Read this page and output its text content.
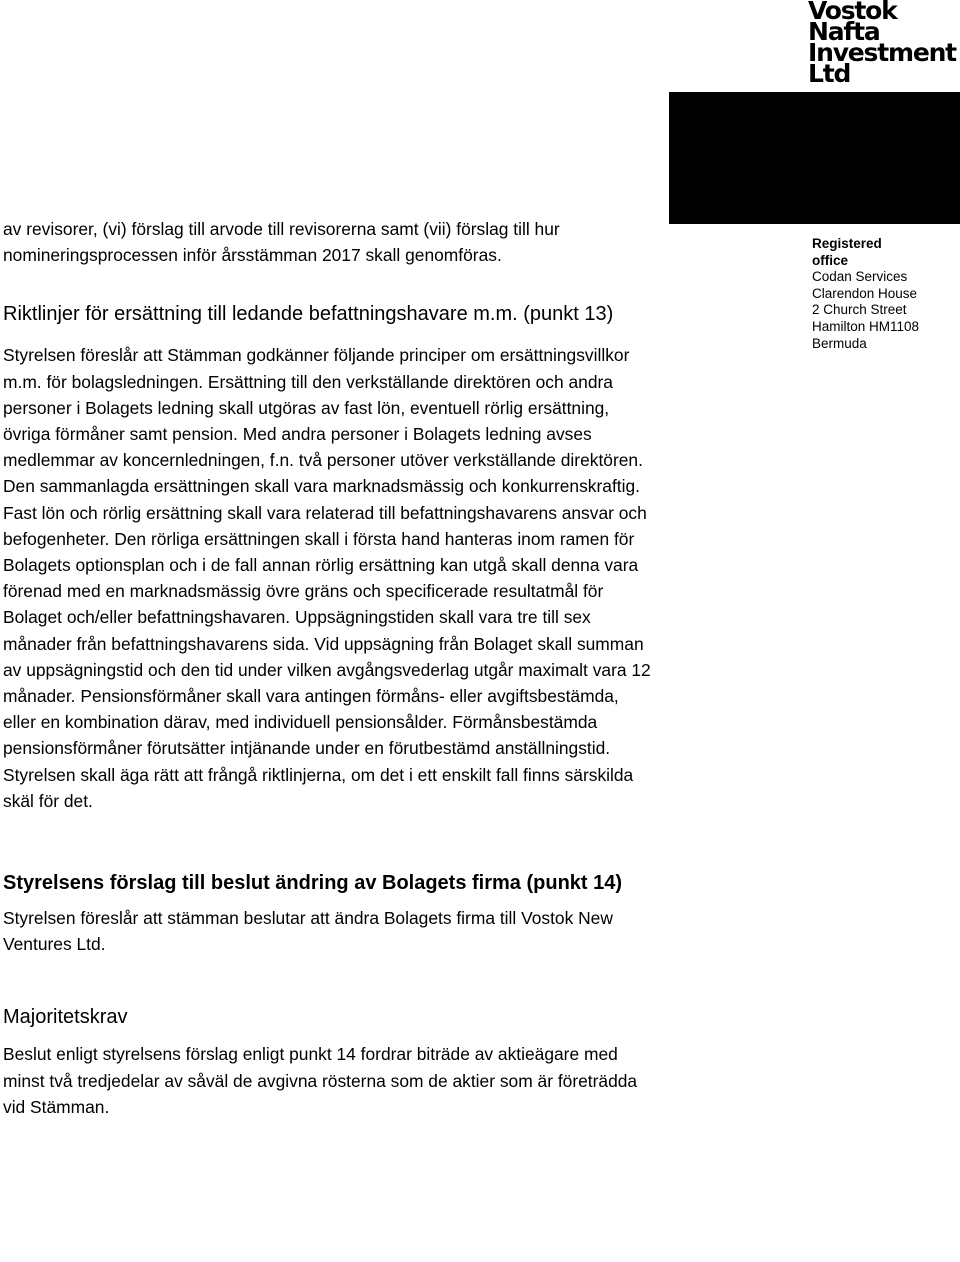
Vostok
Nafta
Investment
Ltd
Registered
office
Codan Services
Clarendon House
2 Church Street
Hamilton HM1108
Bermuda

av revisorer, (vi) förslag till arvode till revisorerna samt (vii) förslag till hur nomineringsprocessen inför årsstämman 2017 skall genomföras.

Riktlinjer för ersättning till ledande befattningshavare m.m. (punkt 13)

Styrelsen föreslår att Stämman godkänner följande principer om ersättningsvillkor m.m. för bolagsledningen. Ersättning till den verkställande direktören och andra personer i Bolagets ledning skall utgöras av fast lön, eventuell rörlig ersättning, övriga förmåner samt pension. Med andra personer i Bolagets ledning avses medlemmar av koncernledningen, f.n. två personer utöver verkställande direktören. Den sammanlagda ersättningen skall vara marknadsmässig och konkurrenskraftig. Fast lön och rörlig ersättning skall vara relaterad till befattningshavarens ansvar och befogenheter. Den rörliga ersättningen skall i första hand hanteras inom ramen för Bolagets optionsplan och i de fall annan rörlig ersättning kan utgå skall denna vara förenad med en marknadsmässig övre gräns och specificerade resultatmål för Bolaget och/eller befattningshavaren. Uppsägningstiden skall vara tre till sex månader från befattningshavarens sida. Vid uppsägning från Bolaget skall summan av uppsägningstid och den tid under vilken avgångsvederlag utgår maximalt vara 12 månader. Pensionsförmåner skall vara antingen förmåns- eller avgiftsbestämda, eller en kombination därav, med individuell pensionsålder. Förmånsbestämda pensionsförmåner förutsätter intjänande under en förutbestämd anställningstid. Styrelsen skall äga rätt att frångå riktlinjerna, om det i ett enskilt fall finns särskilda skäl för det.

Styrelsens förslag till beslut ändring av Bolagets firma (punkt 14)

Styrelsen föreslår att stämman beslutar att ändra Bolagets firma till Vostok New Ventures Ltd.

Majoritetskrav

Beslut enligt styrelsens förslag enligt punkt 14 fordrar biträde av aktieägare med minst två tredjedelar av såväl de avgivna rösterna som de aktier som är företrädda vid Stämman.
